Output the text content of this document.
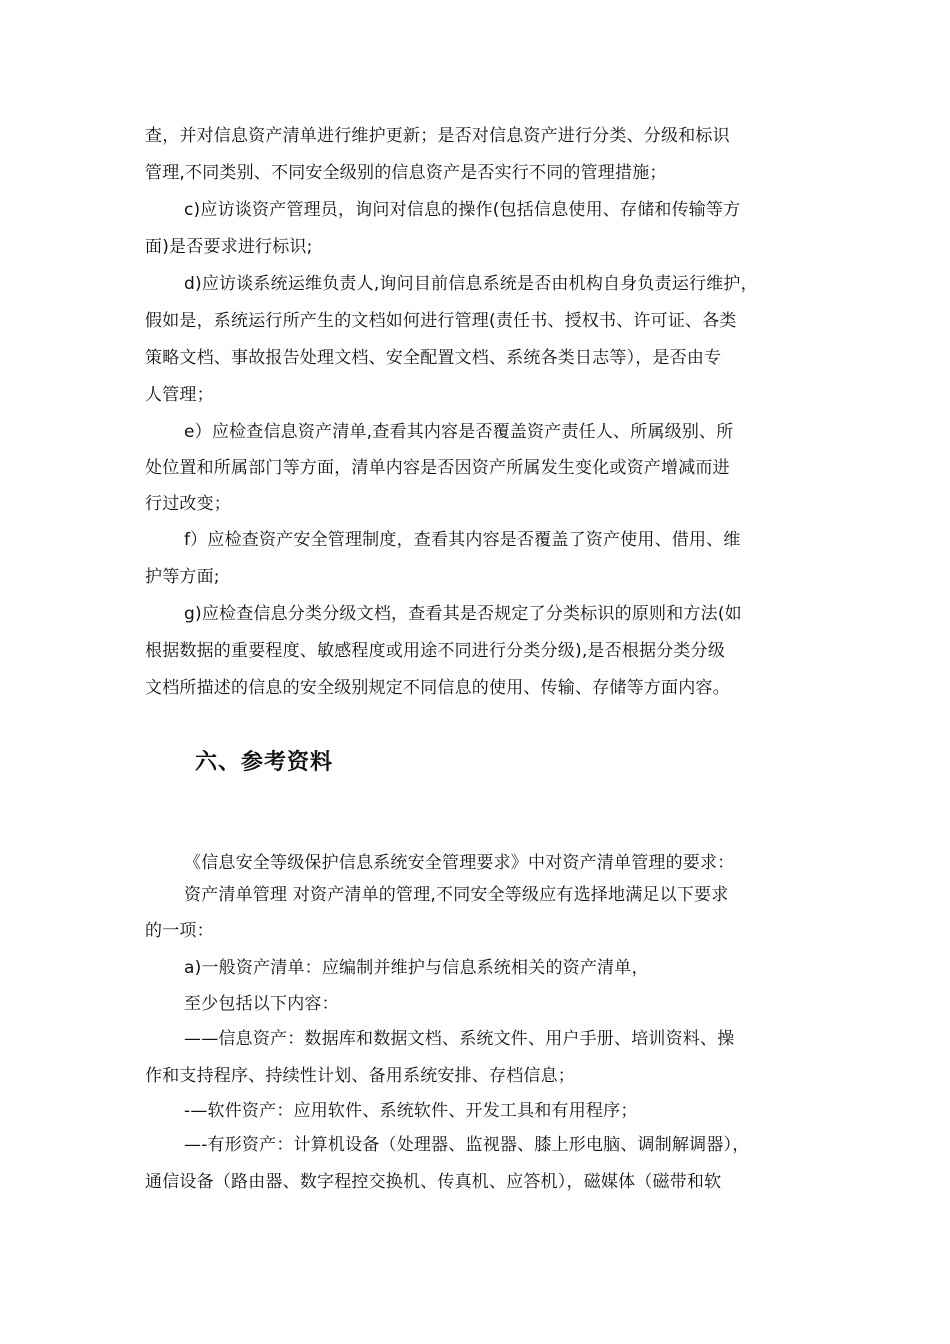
查，并对信息资产清单进行维护更新；是否对信息资产进行分类、分级和标识
管理,不同类别、不同安全级别的信息资产是否实行不同的管理措施；
c)应访谈资产管理员，询问对信息的操作(包括信息使用、存储和传输等方
面)是否要求进行标识;
d)应访谈系统运维负责人,询问目前信息系统是否由机构自身负责运行维护，
假如是，系统运行所产生的文档如何进行管理(责任书、授权书、许可证、各类
策略文档、事故报告处理文档、安全配置文档、系统各类日志等），是否由专
人管理；
e）应检查信息资产清单,查看其内容是否覆盖资产责任人、所属级别、所
处位置和所属部门等方面，清单内容是否因资产所属发生变化或资产增减而进
行过改变；
f）应检查资产安全管理制度，查看其内容是否覆盖了资产使用、借用、维
护等方面;
g)应检查信息分类分级文档，查看其是否规定了分类标识的原则和方法(如
根据数据的重要程度、敏感程度或用途不同进行分类分级),是否根据分类分级
文档所描述的信息的安全级别规定不同信息的使用、传输、存储等方面内容。
六、参考资料
《信息安全等级保护信息系统安全管理要求》中对资产清单管理的要求：
资产清单管理 对资产清单的管理,不同安全等级应有选择地满足以下要求
的一项：
a)一般资产清单：应编制并维护与信息系统相关的资产清单，
至少包括以下内容：
——信息资产：数据库和数据文档、系统文件、用户手册、培训资料、操
作和支持程序、持续性计划、备用系统安排、存档信息；
-—软件资产：应用软件、系统软件、开发工具和有用程序；
—-有形资产：计算机设备（处理器、监视器、膝上形电脑、调制解调器），
通信设备（路由器、数字程控交换机、传真机、应答机），磁媒体（磁带和软
